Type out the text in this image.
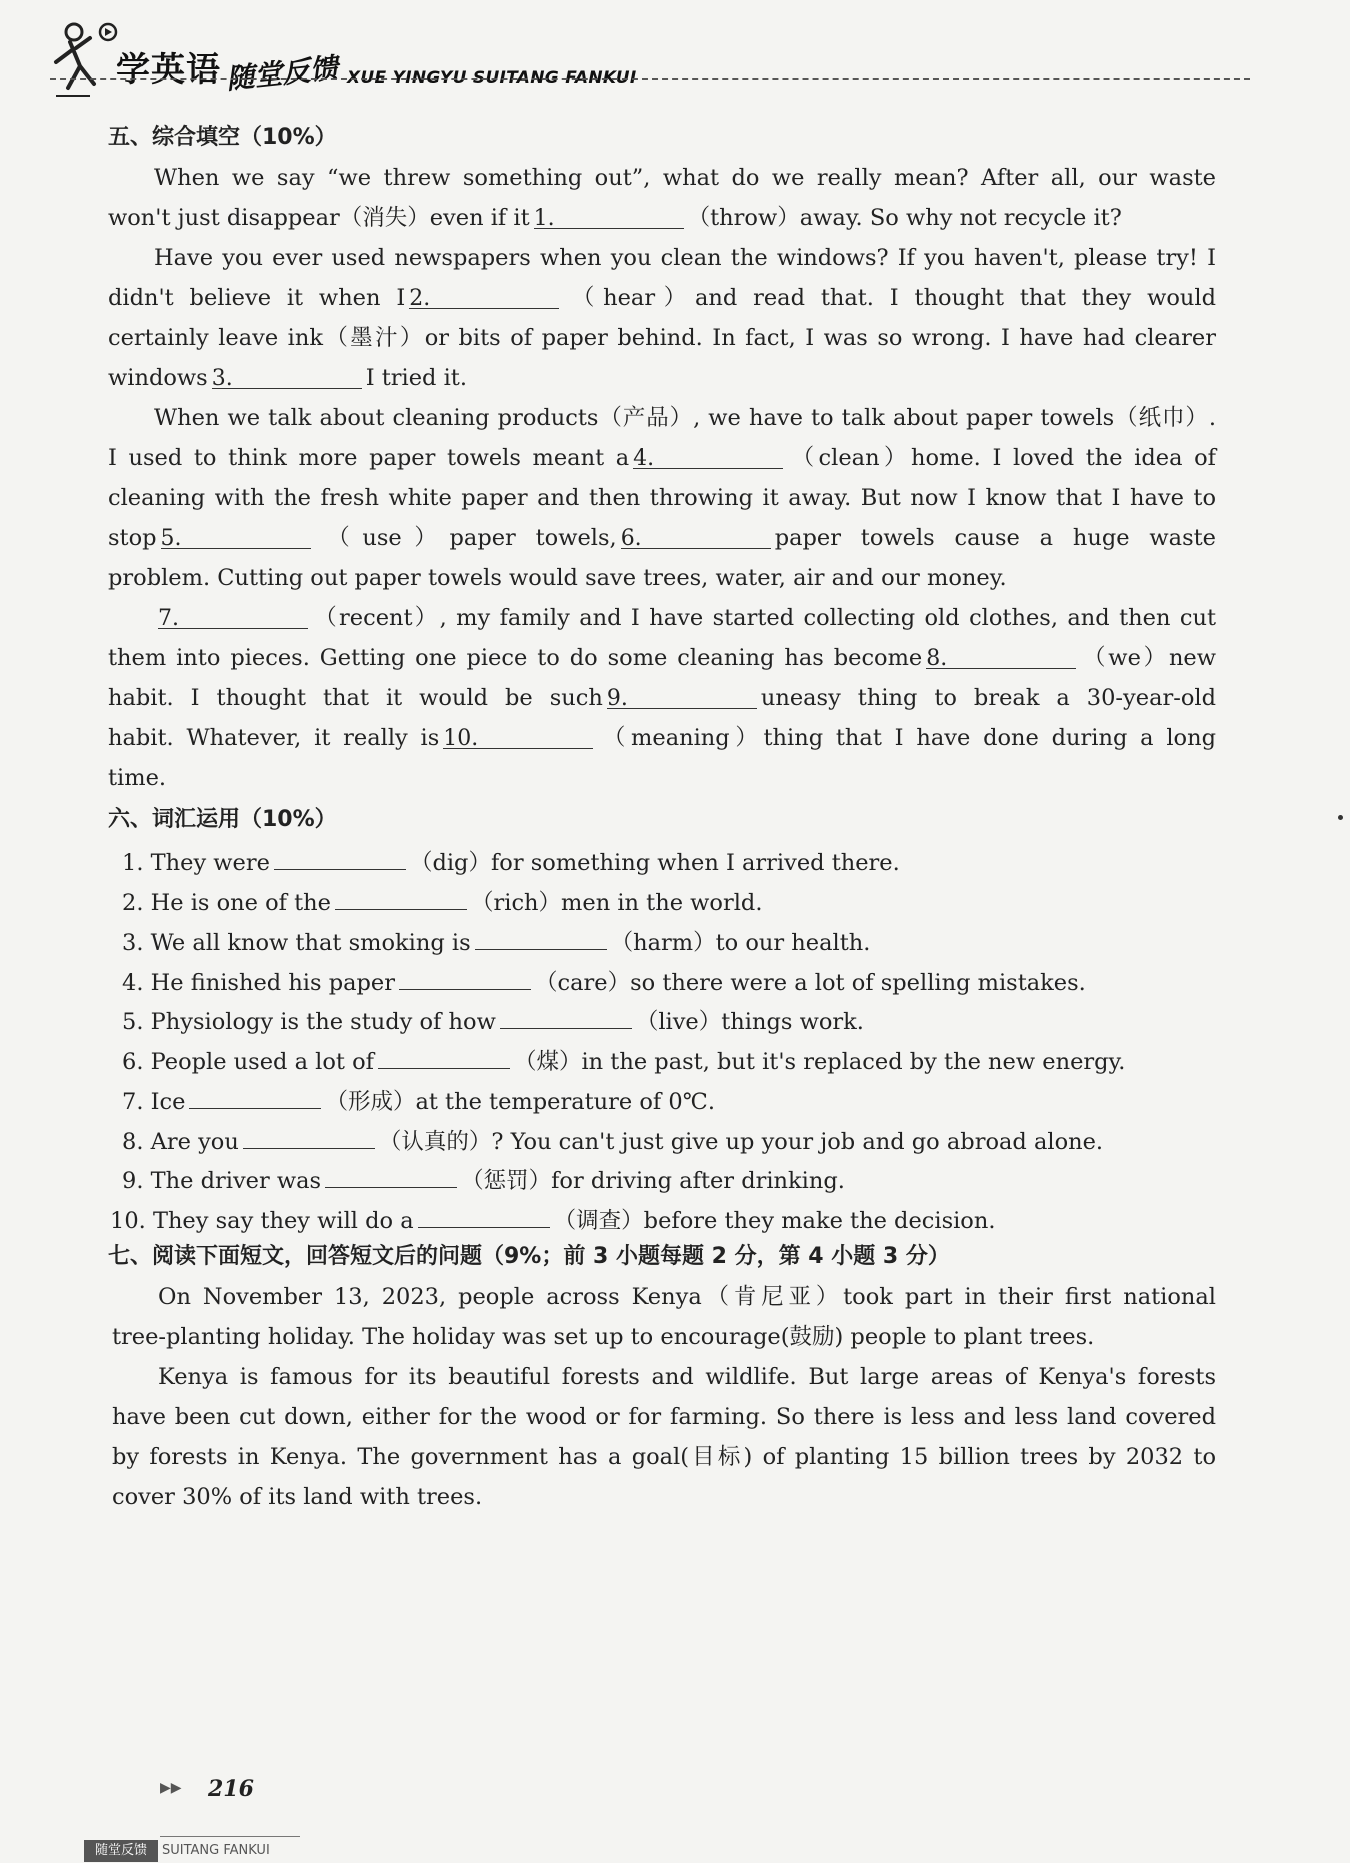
学英语 随堂反馈 XUE YINGYU SUITANG FANKUI
五、综合填空（10%）
When we say “we threw something out”, what do we really mean? After all, our waste
won't just disappear（消失）even if it 1.	（throw）away. So why not recycle it?
Have you ever used newspapers when you clean the windows? If you haven't, please try! I
didn't believe it when I 2.	（hear）and read that. I thought that they would
certainly leave ink（墨汁）or bits of paper behind. In fact, I was so wrong. I have had clearer
windows 3.	I tried it.
When we talk about cleaning products（产品）, we have to talk about paper towels（纸巾）.
I used to think more paper towels meant a 4.	（clean）home. I loved the idea of
cleaning with the fresh white paper and then throwing it away. But now I know that I have to
stop 5.	（use）paper towels, 6.	paper towels cause a huge waste
problem. Cutting out paper towels would save trees, water, air and our money.
7.	（recent）, my family and I have started collecting old clothes, and then cut
them into pieces. Getting one piece to do some cleaning has become 8.	（we）new
habit. I thought that it would be such 9.	uneasy thing to break a 30-year-old
habit. Whatever, it really is 10.	（meaning）thing that I have done during a long
time.
六、词汇运用（10%）
1. They were	（dig）for something when I arrived there.
2. He is one of the	（rich）men in the world.
3. We all know that smoking is	（harm）to our health.
4. He finished his paper	（care）so there were a lot of spelling mistakes.
5. Physiology is the study of how	（live）things work.
6. People used a lot of	（煤）in the past, but it's replaced by the new energy.
7. Ice	（形成）at the temperature of 0℃.
8. Are you	（认真的）? You can't just give up your job and go abroad alone.
9. The driver was	（惩罚）for driving after drinking.
10. They say they will do a	（调查）before they make the decision.
七、阅读下面短文，回答短文后的问题（9%；前 3 小题每题 2 分，第 4 小题 3 分）
On November 13, 2023, people across Kenya（肯尼亚）took part in their first national
tree-planting holiday. The holiday was set up to encourage(鼓励) people to plant trees.
Kenya is famous for its beautiful forests and wildlife. But large areas of Kenya's forests
have been cut down, either for the wood or for farming. So there is less and less land covered
by forests in Kenya. The government has a goal(目标) of planting 15 billion trees by 2032 to
cover 30% of its land with trees.
▶▶ 216
随堂反馈	SUITANG FANKUI
